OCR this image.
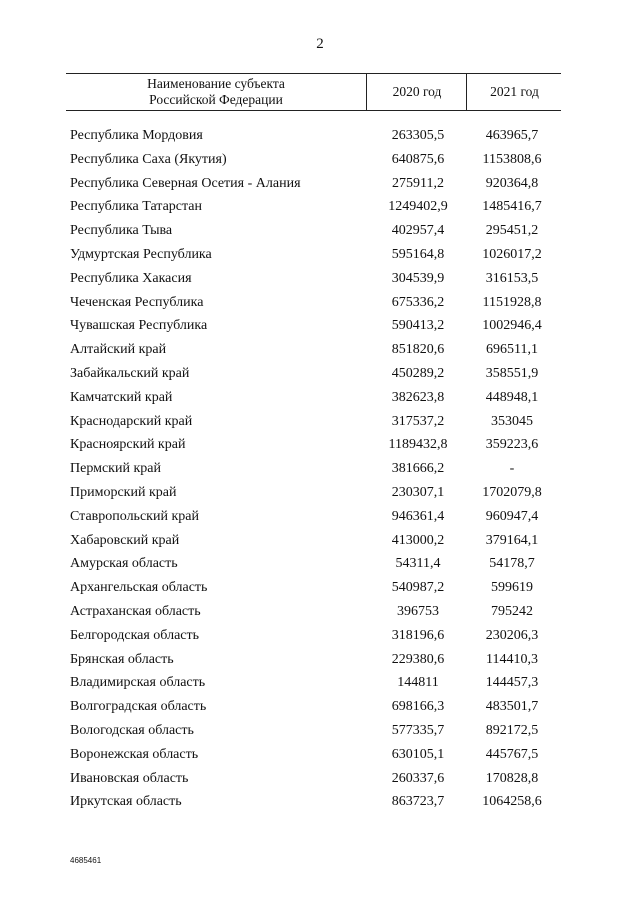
2
Наименование субъекта
Российской Федерации
2020 год	2021 год
Республика Мордовия	263305,5	463965,7
Республика Саха (Якутия)	640875,6	1153808,6
Республика Северная Осетия - Алания	275911,2	920364,8
Республика Татарстан	1249402,9	1485416,7
Республика Тыва	402957,4	295451,2
Удмуртская Республика	595164,8	1026017,2
Республика Хакасия	304539,9	316153,5
Чеченская Республика	675336,2	1151928,8
Чувашская Республика	590413,2	1002946,4
Алтайский край	851820,6	696511,1
Забайкальский край	450289,2	358551,9
Камчатский край	382623,8	448948,1
Краснодарский край	317537,2	353045
Красноярский край	1189432,8	359223,6
Пермский край	381666,2	-
Приморский край	230307,1	1702079,8
Ставропольский край	946361,4	960947,4
Хабаровский край	413000,2	379164,1
Амурская область	54311,4	54178,7
Архангельская область	540987,2	599619
Астраханская область	396753	795242
Белгородская область	318196,6	230206,3
Брянская область	229380,6	114410,3
Владимирская область	144811	144457,3
Волгоградская область	698166,3	483501,7
Вологодская область	577335,7	892172,5
Воронежская область	630105,1	445767,5
Ивановская область	260337,6	170828,8
Иркутская область	863723,7	1064258,6
4685461
